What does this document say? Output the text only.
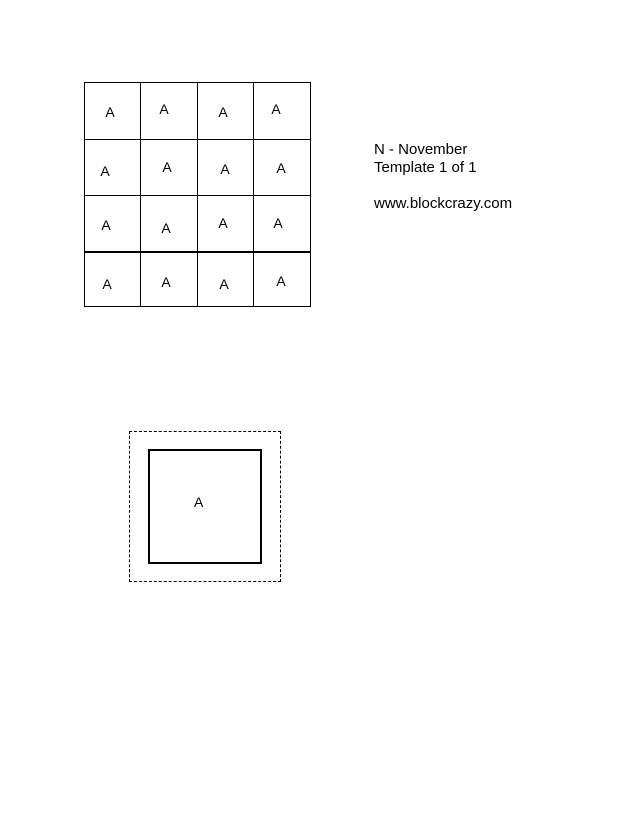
A	A	A	A
A	A	A	A
A	A	A	A
A	A	A	A
N - November
Template 1 of 1
www.blockcrazy.com
A
